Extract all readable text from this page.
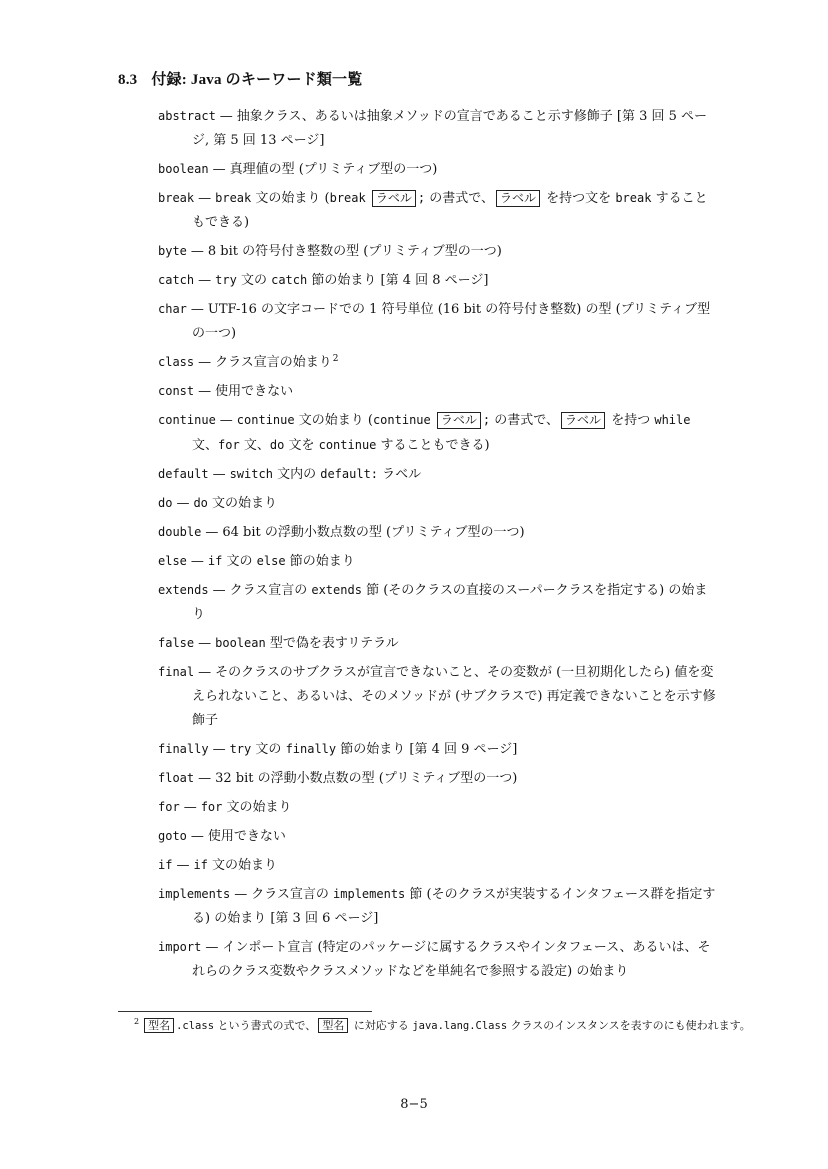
8.3 付録: Java のキーワード類一覧
abstract — 抽象クラス、あるいは抽象メソッドの宣言であること示す修飾子 [第 3 回 5 ページ, 第 5 回 13 ページ]
boolean — 真理値の型 (プリミティブ型の一つ)
break — break 文の始まり (break ラベル ; の書式で、 ラベル を持つ文を break することもできる)
byte — 8 bit の符号付き整数の型 (プリミティブ型の一つ)
catch — try 文の catch 節の始まり [第 4 回 8 ページ]
char — UTF-16 の文字コードでの 1 符号単位 (16 bit の符号付き整数) の型 (プリミティブ型の一つ)
class — クラス宣言の始まり$^2$
const — 使用できない
continue — continue 文の始まり (continue ラベル ; の書式で、 ラベル を持つ while 文、for 文、do 文を continue することもできる)
default — switch 文内の default: ラベル
do — do 文の始まり
double — 64 bit の浮動小数点数の型 (プリミティブ型の一つ)
else — if 文の else 節の始まり
extends — クラス宣言の extends 節 (そのクラスの直接のスーパークラスを指定する) の始まり
false — boolean 型で偽を表すリテラル
final — そのクラスのサブクラスが宣言できないこと、その変数が (一旦初期化したら) 値を変えられないこと、あるいは、そのメソッドが (サブクラスで) 再定義できないことを示す修飾子
finally — try 文の finally 節の始まり [第 4 回 9 ページ]
float — 32 bit の浮動小数点数の型 (プリミティブ型の一つ)
for — for 文の始まり
goto — 使用できない
if — if 文の始まり
implements — クラス宣言の implements 節 (そのクラスが実装するインタフェース群を指定する) の始まり [第 3 回 6 ページ]
import — インポート宣言 (特定のパッケージに属するクラスやインタフェース、あるいは、それらのクラス変数やクラスメソッドなどを単純名で参照する設定) の始まり
$^2$ 型名 .class という書式の式で、 型名 に対応する java.lang.Class クラスのインスタンスを表すのにも使われます。
8−5
